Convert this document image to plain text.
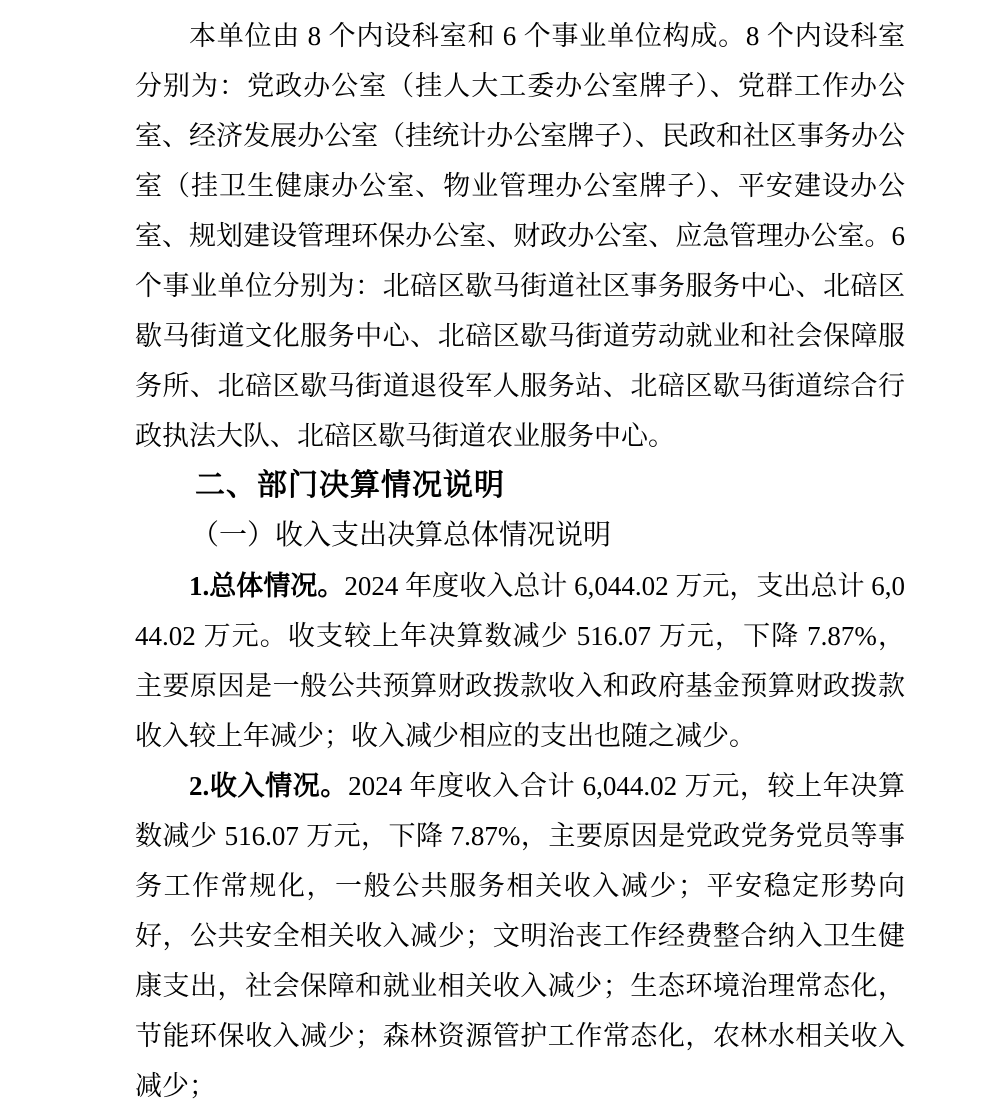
本单位由 8 个内设科室和 6 个事业单位构成。8 个内设科室分别为：党政办公室（挂人大工委办公室牌子）、党群工作办公室、经济发展办公室（挂统计办公室牌子）、民政和社区事务办公室（挂卫生健康办公室、物业管理办公室牌子）、平安建设办公室、规划建设管理环保办公室、财政办公室、应急管理办公室。6 个事业单位分别为：北碚区歇马街道社区事务服务中心、北碚区歇马街道文化服务中心、北碚区歇马街道劳动就业和社会保障服务所、北碚区歇马街道退役军人服务站、北碚区歇马街道综合行政执法大队、北碚区歇马街道农业服务中心。

二、部门决算情况说明
（一）收入支出决算总体情况说明

1.总体情况。2024 年度收入总计 6,044.02 万元，支出总计 6,044.02 万元。收支较上年决算数减少 516.07 万元，下降 7.87%，主要原因是一般公共预算财政拨款收入和政府基金预算财政拨款收入较上年减少；收入减少相应的支出也随之减少。

2.收入情况。2024 年度收入合计 6,044.02 万元，较上年决算数减少 516.07 万元，下降 7.87%，主要原因是党政党务党员等事务工作常规化，一般公共服务相关收入减少；平安稳定形势向好，公共安全相关收入减少；文明治丧工作经费整合纳入卫生健康支出，社会保障和就业相关收入减少；生态环境治理常态化，节能环保收入减少；森林资源管护工作常态化，农林水相关收入减少；
